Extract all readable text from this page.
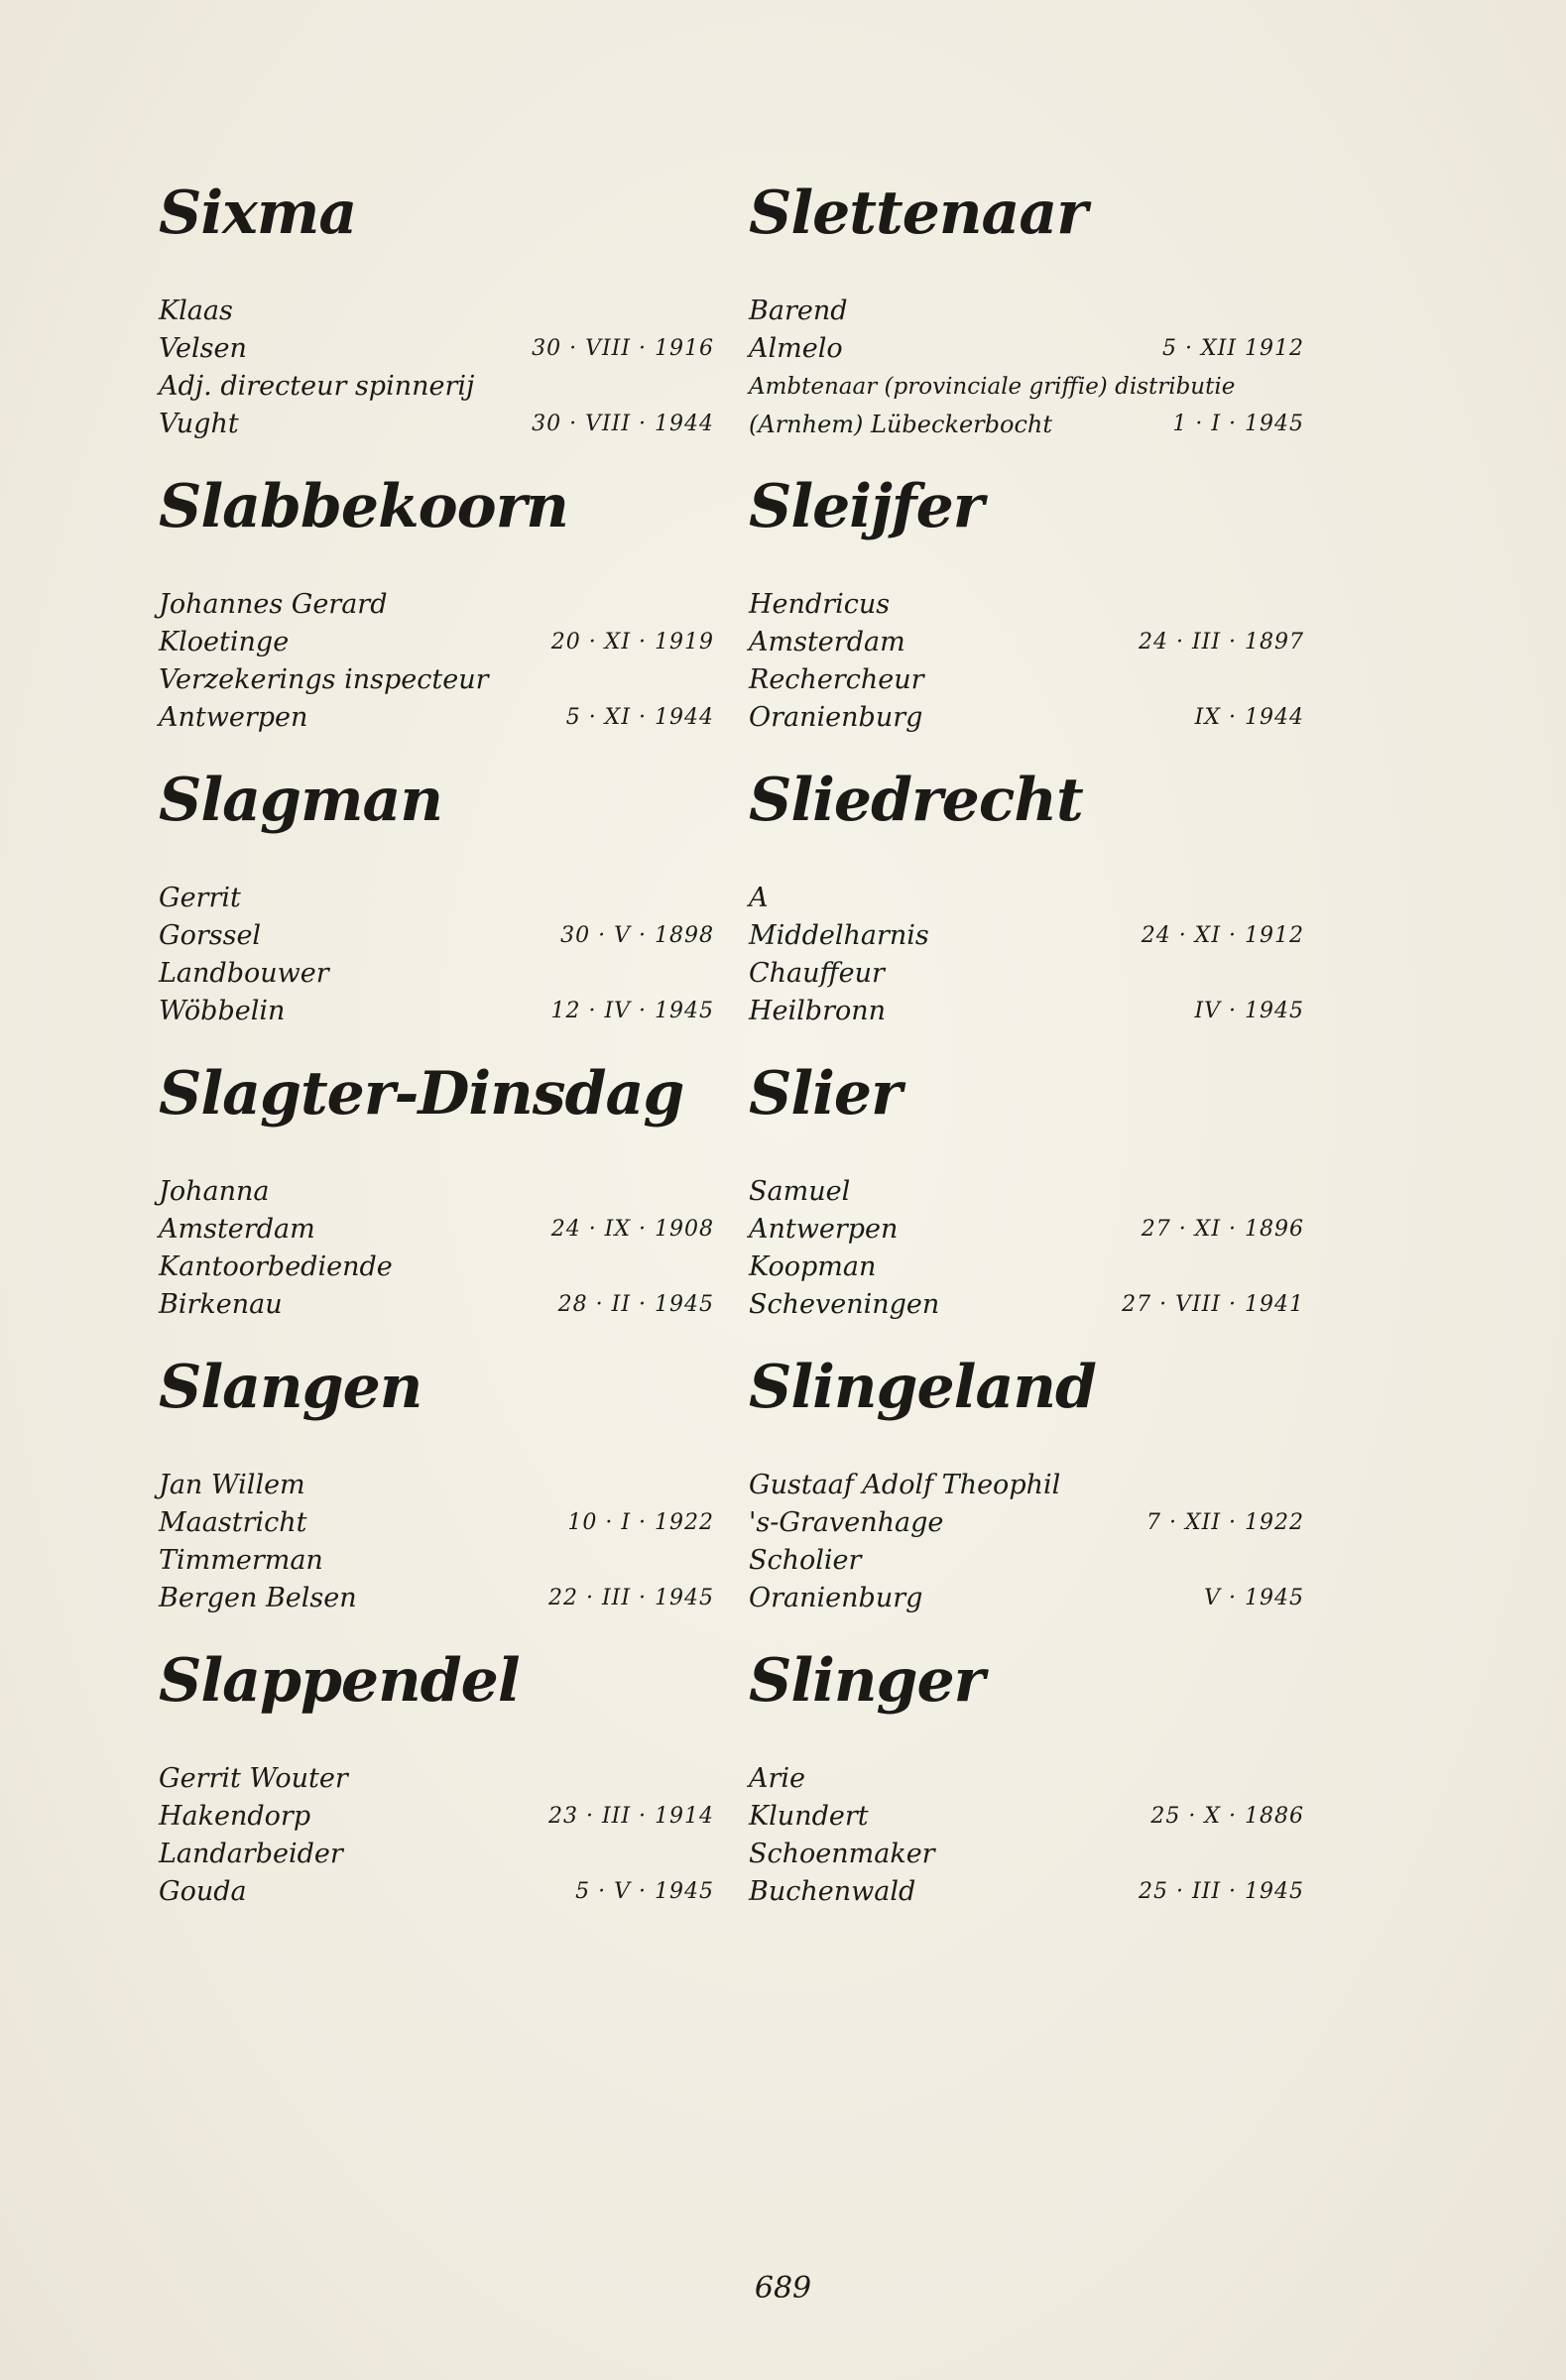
Sixma
Klaas
Velsen	30 · VIII · 1916
Adj. directeur spinnerij
Vught	30 · VIII · 1944
Slabbekoorn
Johannes Gerard
Kloetinge	20 · XI · 1919
Verzekerings inspecteur
Antwerpen	5 · XI · 1944
Slagman
Gerrit
Gorssel	30 · V · 1898
Landbouwer
Wöbbelin	12 · IV · 1945
Slagter-Dinsdag
Johanna
Amsterdam	24 · IX · 1908
Kantoorbediende
Birkenau	28 · II · 1945
Slangen
Jan Willem
Maastricht	10 · I · 1922
Timmerman
Bergen Belsen	22 · III · 1945
Slappendel
Gerrit Wouter
Hakendorp	23 · III · 1914
Landarbeider
Gouda	5 · V · 1945
Slettenaar
Barend
Almelo	5 · XII 1912
Ambtenaar (provinciale griffie) distributie
(Arnhem) Lübeckerbocht	1 · I · 1945
Sleijfer
Hendricus
Amsterdam	24 · III · 1897
Rechercheur
Oranienburg	IX · 1944
Sliedrecht
A
Middelharnis	24 · XI · 1912
Chauffeur
Heilbronn	IV · 1945
Slier
Samuel
Antwerpen	27 · XI · 1896
Koopman
Scheveningen	27 · VIII · 1941
Slingeland
Gustaaf Adolf Theophil
's-Gravenhage	7 · XII · 1922
Scholier
Oranienburg	V · 1945
Slinger
Arie
Klundert	25 · X · 1886
Schoenmaker
Buchenwald	25 · III · 1945
689
